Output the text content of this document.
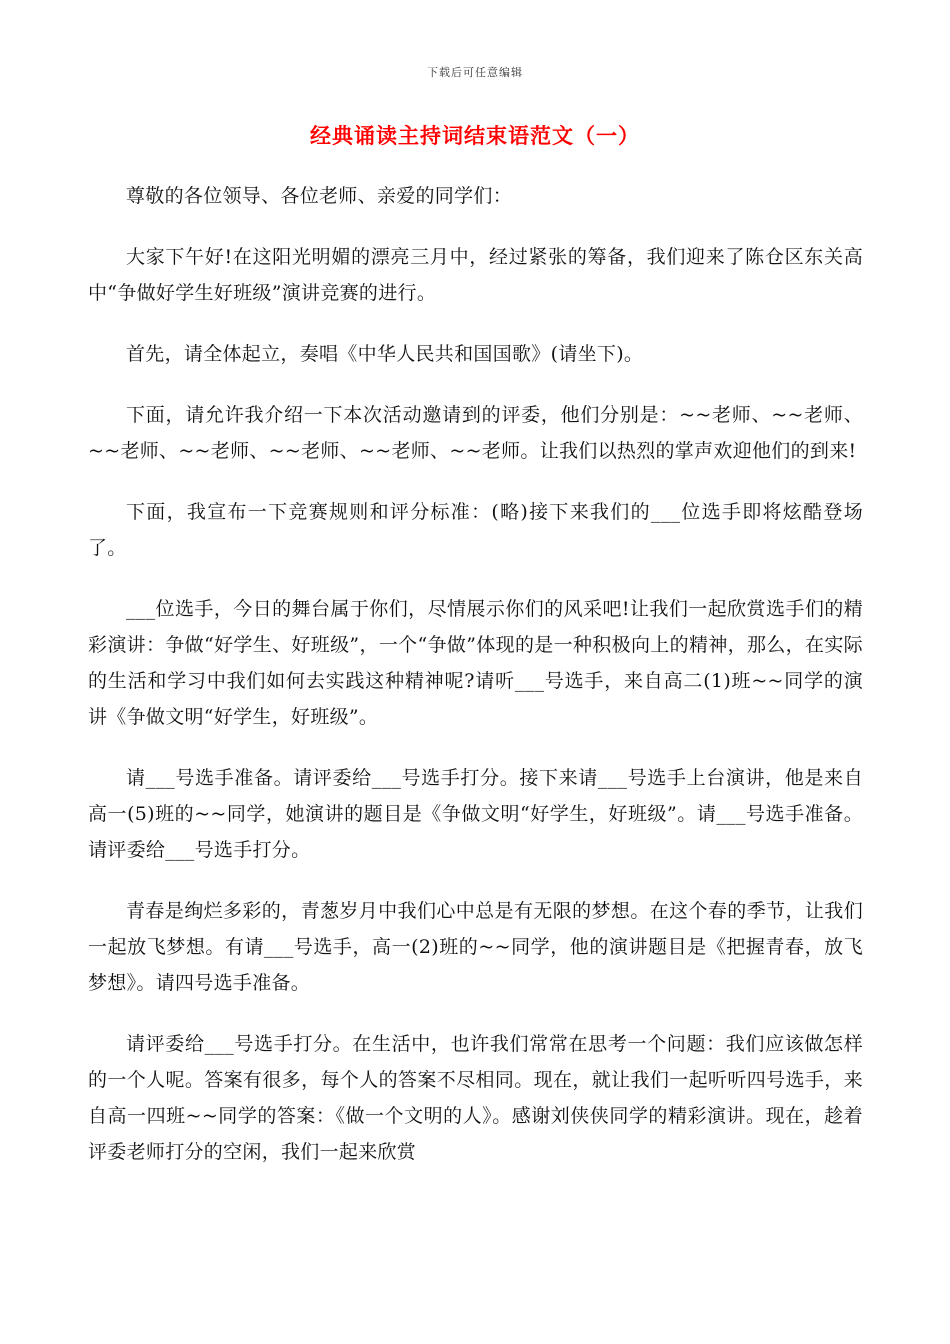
下载后可任意编辑
经典诵读主持词结束语范文（一）

尊敬的各位领导、各位老师、亲爱的同学们：

大家下午好!在这阳光明媚的漂亮三月中，经过紧张的筹备，我们迎来了陈仓区东关高中“争做好学生好班级”演讲竞赛的进行。

首先，请全体起立，奏唱《中华人民共和国国歌》(请坐下)。

下面，请允许我介绍一下本次活动邀请到的评委，他们分别是：~~老师、~~老师、~~老师、~~老师、~~老师、~~老师、~~老师。让我们以热烈的掌声欢迎他们的到来!

下面，我宣布一下竞赛规则和评分标准：(略)接下来我们的___位选手即将炫酷登场了。

___位选手，今日的舞台属于你们，尽情展示你们的风采吧!让我们一起欣赏选手们的精彩演讲：争做“好学生、好班级”，一个“争做”体现的是一种积极向上的精神，那么，在实际的生活和学习中我们如何去实践这种精神呢?请听___号选手，来自高二(1)班~~同学的演讲《争做文明“好学生，好班级”。

请___号选手准备。请评委给___号选手打分。接下来请___号选手上台演讲，他是来自高一(5)班的~~同学，她演讲的题目是《争做文明“好学生，好班级”。请___号选手准备。请评委给___号选手打分。

青春是绚烂多彩的，青葱岁月中我们心中总是有无限的梦想。在这个春的季节，让我们一起放飞梦想。有请___号选手，高一(2)班的~~同学，他的演讲题目是《把握青春，放飞梦想》。请四号选手准备。

请评委给___号选手打分。在生活中，也许我们常常在思考一个问题：我们应该做怎样的一个人呢。答案有很多，每个人的答案不尽相同。现在，就让我们一起听听四号选手，来自高一四班~~同学的答案：《做一个文明的人》。感谢刘侠侠同学的精彩演讲。现在，趁着评委老师打分的空闲，我们一起来欣赏
